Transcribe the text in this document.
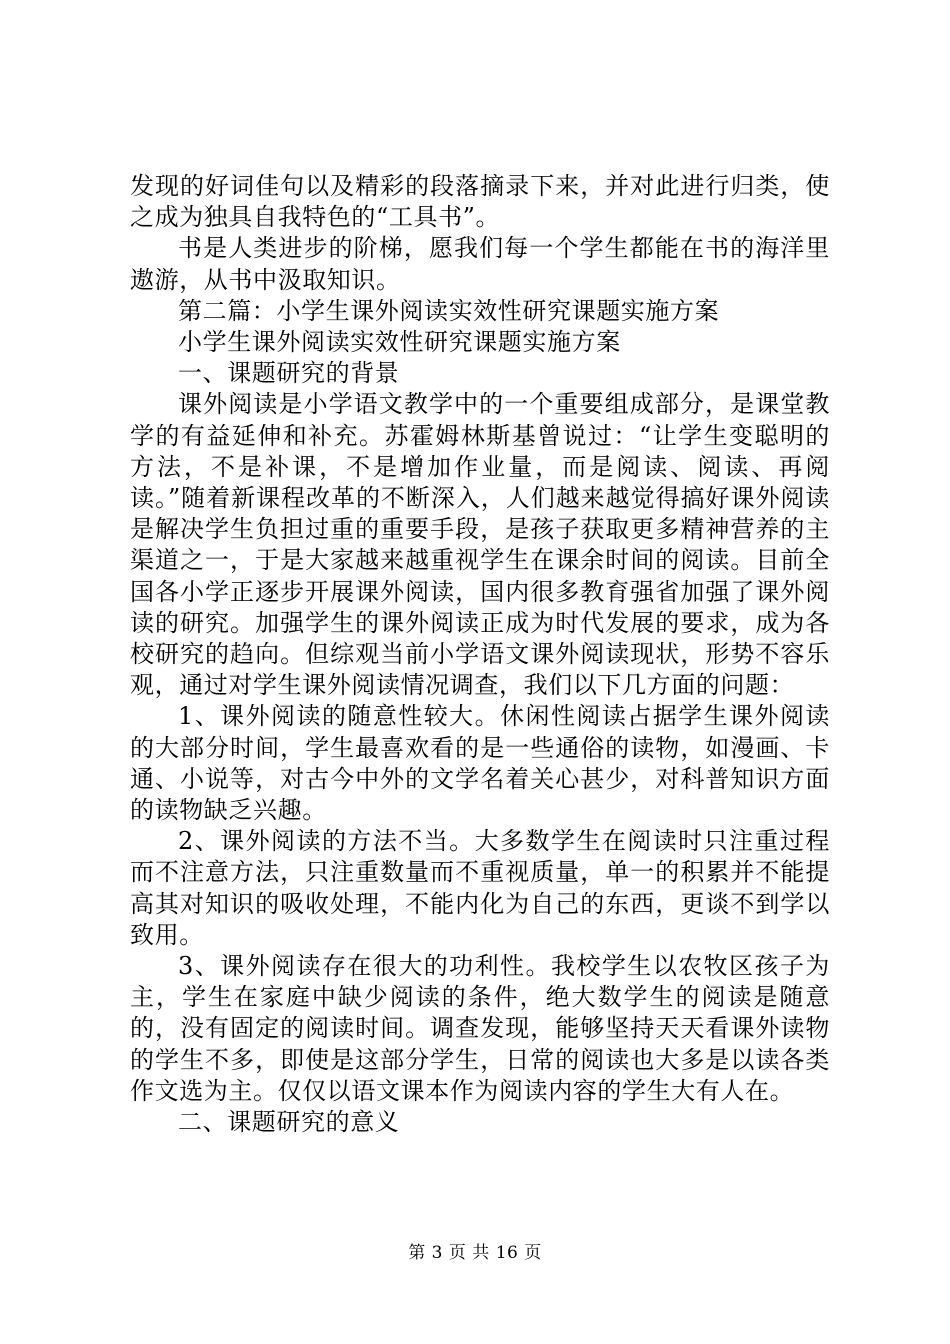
发现的好词佳句以及精彩的段落摘录下来，并对此进行归类，使之成为独具自我特色的“工具书”。

书是人类进步的阶梯，愿我们每一个学生都能在书的海洋里遨游，从书中汲取知识。

第二篇：小学生课外阅读实效性研究课题实施方案

小学生课外阅读实效性研究课题实施方案

一、课题研究的背景

课外阅读是小学语文教学中的一个重要组成部分，是课堂教学的有益延伸和补充。苏霍姆林斯基曾说过：“让学生变聪明的方法，不是补课，不是增加作业量，而是阅读、阅读、再阅读。”随着新课程改革的不断深入，人们越来越觉得搞好课外阅读是解决学生负担过重的重要手段，是孩子获取更多精神营养的主渠道之一，于是大家越来越重视学生在课余时间的阅读。目前全国各小学正逐步开展课外阅读，国内很多教育强省加强了课外阅读的研究。加强学生的课外阅读正成为时代发展的要求，成为各校研究的趋向。但综观当前小学语文课外阅读现状，形势不容乐观，通过对学生课外阅读情况调查，我们以下几方面的问题：

1、课外阅读的随意性较大。休闲性阅读占据学生课外阅读的大部分时间，学生最喜欢看的是一些通俗的读物，如漫画、卡通、小说等，对古今中外的文学名着关心甚少，对科普知识方面的读物缺乏兴趣。

2、课外阅读的方法不当。大多数学生在阅读时只注重过程而不注意方法，只注重数量而不重视质量，单一的积累并不能提高其对知识的吸收处理，不能内化为自己的东西，更谈不到学以致用。

3、课外阅读存在很大的功利性。我校学生以农牧区孩子为主，学生在家庭中缺少阅读的条件，绝大数学生的阅读是随意的，没有固定的阅读时间。调查发现，能够坚持天天看课外读物的学生不多，即使是这部分学生，日常的阅读也大多是以读各类作文选为主。仅仅以语文课本作为阅读内容的学生大有人在。

二、课题研究的意义

第 3 页 共 16 页
